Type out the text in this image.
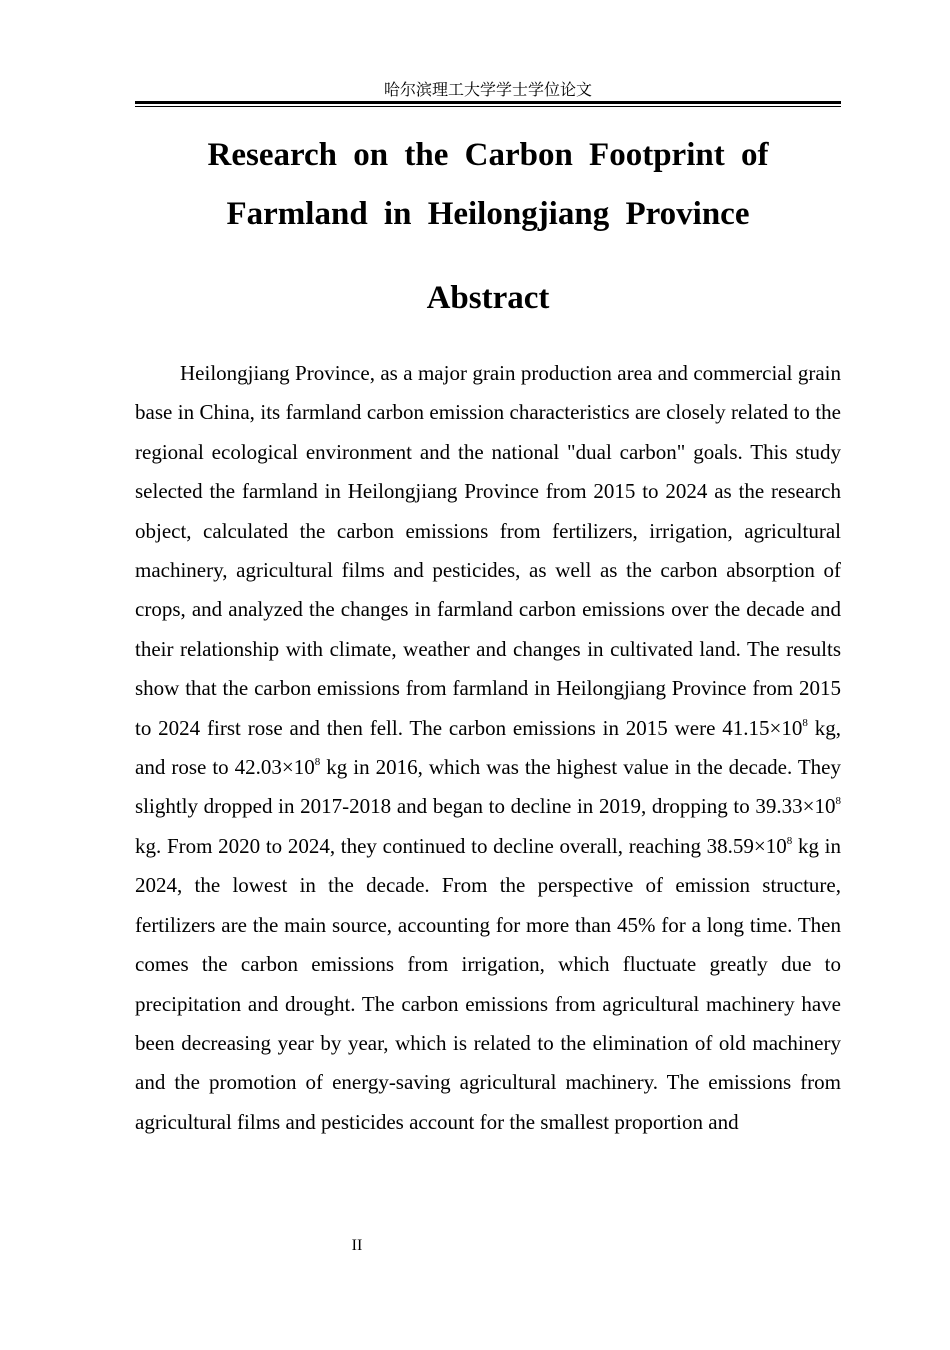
哈尔滨理工大学学士学位论文
Research on the Carbon Footprint of Farmland in Heilongjiang Province
Abstract

Heilongjiang Province, as a major grain production area and commercial grain base in China, its farmland carbon emission characteristics are closely related to the regional ecological environment and the national "dual carbon" goals. This study selected the farmland in Heilongjiang Province from 2015 to 2024 as the research object, calculated the carbon emissions from fertilizers, irrigation, agricultural machinery, agricultural films and pesticides, as well as the carbon absorption of crops, and analyzed the changes in farmland carbon emissions over the decade and their relationship with climate, weather and changes in cultivated land. The results show that the carbon emissions from farmland in Heilongjiang Province from 2015 to 2024 first rose and then fell. The carbon emissions in 2015 were $41.15\times 10^8$ kg, and rose to $42.03\times 10^8$ kg in 2016, which was the highest value in the decade. They slightly dropped in 2017-2018 and began to decline in 2019, dropping to $39.33\times 10^8$ kg. From 2020 to 2024, they continued to decline overall, reaching $38.59\times 10^8$ kg in 2024, the lowest in the decade. From the perspective of emission structure, fertilizers are the main source, accounting for more than 45% for a long time. Then comes the carbon emissions from irrigation, which fluctuate greatly due to precipitation and drought. The carbon emissions from agricultural machinery have been decreasing year by year, which is related to the elimination of old machinery and the promotion of energy-saving agricultural machinery. The emissions from agricultural films and pesticides account for the smallest proportion and

II
